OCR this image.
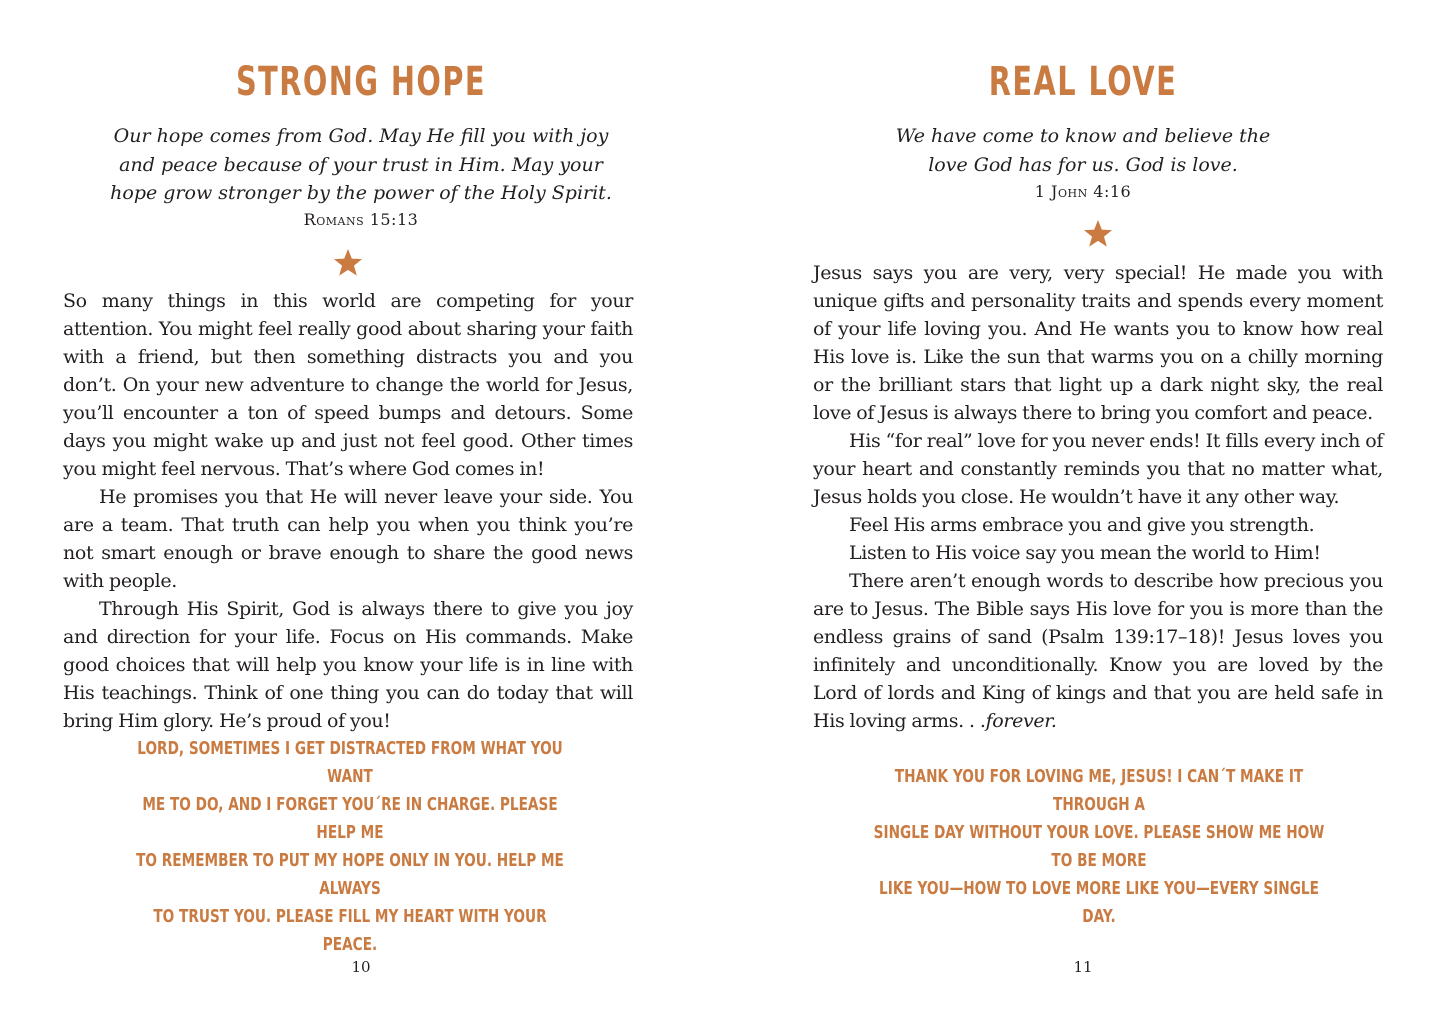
STRONG HOPE
Our hope comes from God. May He fill you with joy
and peace because of your trust in Him. May your
hope grow stronger by the power of the Holy Spirit.
Romans 15:13

So many things in this world are competing for your attention. You might feel really good about sharing your faith with a friend, but then something distracts you and you don’t. On your new adventure to change the world for Jesus, you’ll encounter a ton of speed bumps and detours. Some days you might wake up and just not feel good. Other times you might feel nervous. That’s where God comes in!

He promises you that He will never leave your side. You are a team. That truth can help you when you think you’re not smart enough or brave enough to share the good news with people.

Through His Spirit, God is always there to give you joy and direction for your life. Focus on His commands. Make good choices that will help you know your life is in line with His teachings. Think of one thing you can do today that will bring Him glory. He’s proud of you!

LORD, SOMETIMES I GET DISTRACTED FROM WHAT YOU WANT
ME TO DO, AND I FORGET YOU´RE IN CHARGE. PLEASE HELP ME
TO REMEMBER TO PUT MY HOPE ONLY IN YOU. HELP ME ALWAYS
TO TRUST YOU. PLEASE FILL MY HEART WITH YOUR PEACE.
10
REAL LOVE
We have come to know and believe the
love God has for us. God is love.
1 John 4:16

Jesus says you are very, very special! He made you with unique gifts and personality traits and spends every moment of your life loving you. And He wants you to know how real His love is. Like the sun that warms you on a chilly morning or the brilliant stars that light up a dark night sky, the real love of Jesus is always there to bring you comfort and peace.

His “for real” love for you never ends! It fills every inch of your heart and constantly reminds you that no matter what, Jesus holds you close. He wouldn’t have it any other way.

Feel His arms embrace you and give you strength.

Listen to His voice say you mean the world to Him!

There aren’t enough words to describe how precious you are to Jesus. The Bible says His love for you is more than the endless grains of sand (Psalm 139:17–18)! Jesus loves you infinitely and unconditionally. Know you are loved by the Lord of lords and King of kings and that you are held safe in His loving arms. . .forever.

THANK YOU FOR LOVING ME, JESUS! I CAN´T MAKE IT THROUGH A
SINGLE DAY WITHOUT YOUR LOVE. PLEASE SHOW ME HOW TO BE MORE
LIKE YOU—HOW TO LOVE MORE LIKE YOU—EVERY SINGLE DAY.
11
